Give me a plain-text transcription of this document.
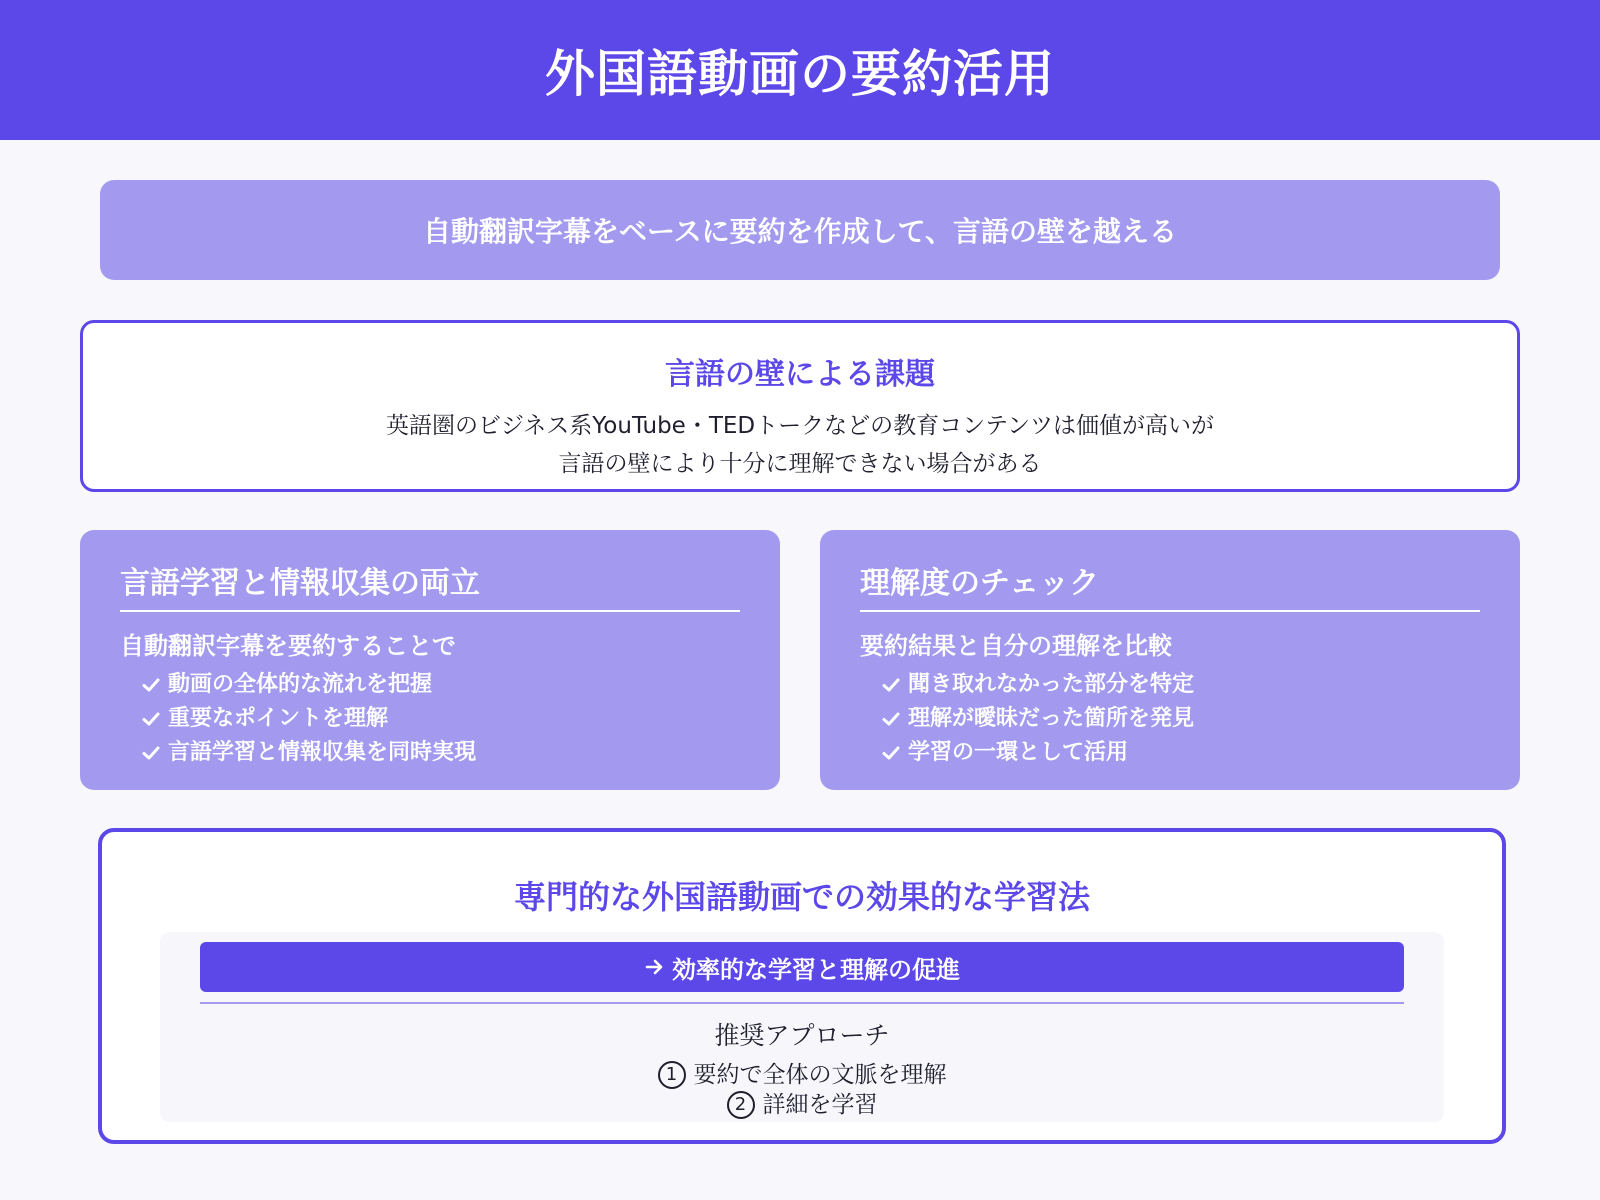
外国語動画の要約活用
自動翻訳字幕をベースに要約を作成して、言語の壁を越える
言語の壁による課題
英語圏のビジネス系YouTube・TEDトークなどの教育コンテンツは価値が高いが
言語の壁により十分に理解できない場合がある
言語学習と情報収集の両立
自動翻訳字幕を要約することで
動画の全体的な流れを把握
重要なポイントを理解
言語学習と情報収集を同時実現
理解度のチェック
要約結果と自分の理解を比較
聞き取れなかった部分を特定
理解が曖昧だった箇所を発見
学習の一環として活用
専門的な外国語動画での効果的な学習法
効率的な学習と理解の促進
推奨アプローチ
1 要約で全体の文脈を理解
2 詳細を学習
